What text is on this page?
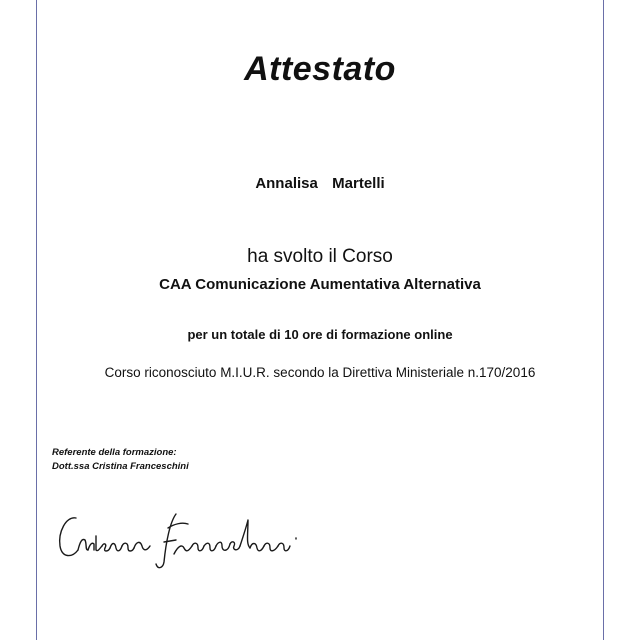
Attestato
Annalisa  Martelli
ha svolto il Corso
CAA Comunicazione Aumentativa Alternativa
per un totale di 10 ore di formazione online
Corso riconosciuto M.I.U.R. secondo la Direttiva Ministeriale n.170/2016
Referente della formazione:
Dott.ssa Cristina Franceschini
